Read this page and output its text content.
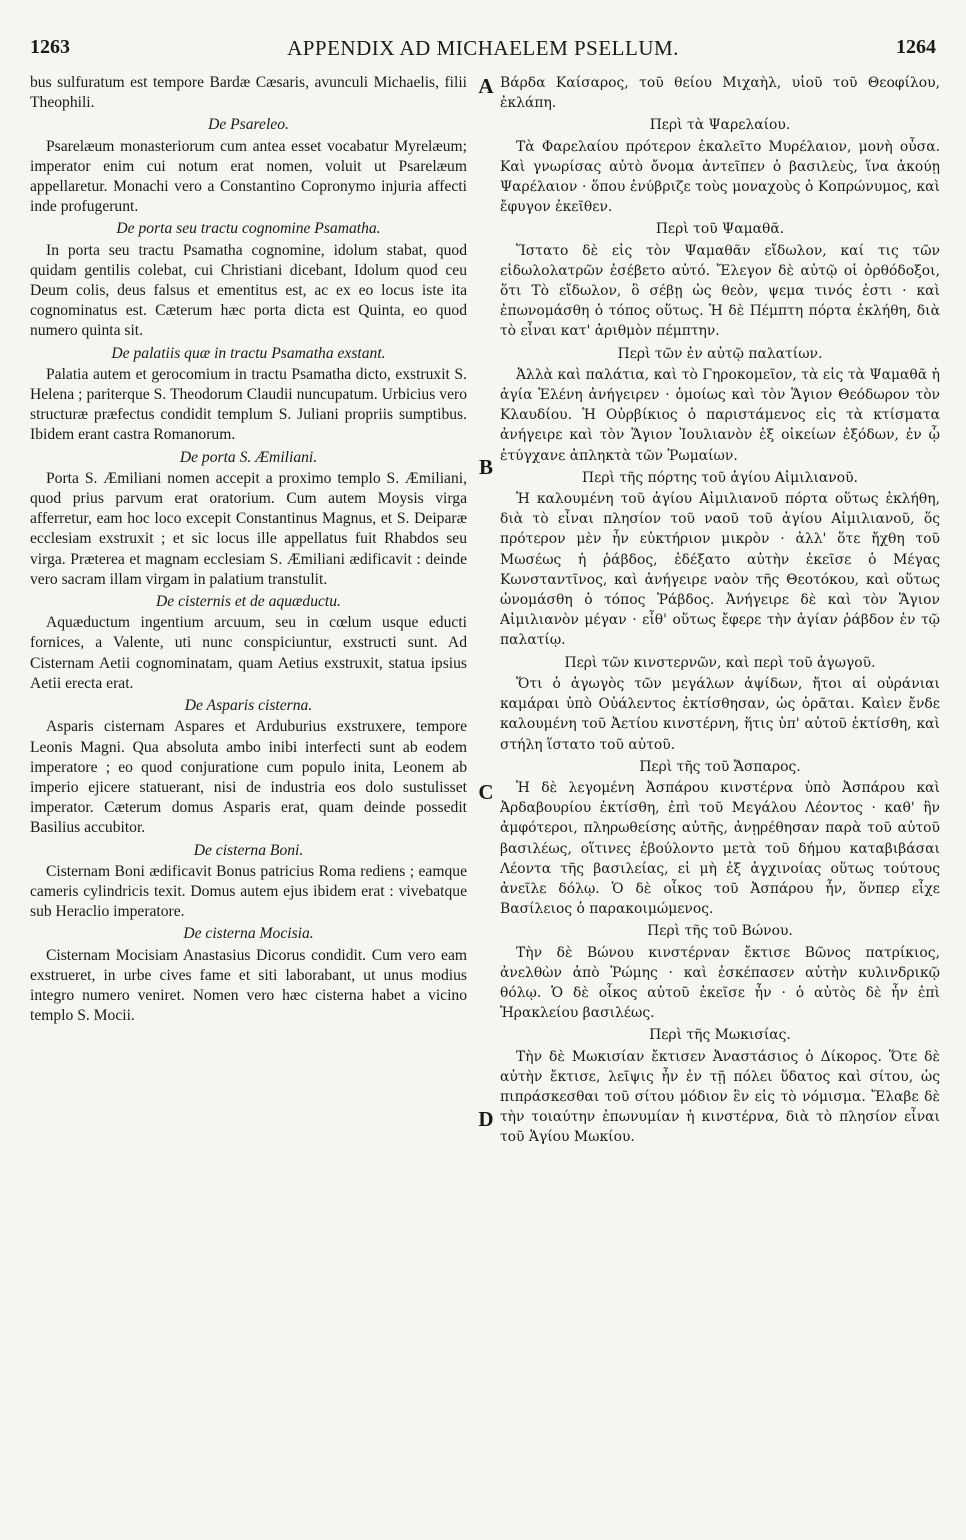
1263	APPENDIX AD MICHAELEM PSELLUM.	1264
A
B
C
D

bus sulfuratum est tempore Bardæ Cæsaris, avunculi Michaelis, filii Theophili.

De Psareleo.

Psarelæum monasteriorum cum antea esset vocabatur Myrelæum; imperator enim cui notum erat nomen, voluit ut Psarelæum appellaretur. Monachi vero a Constantino Copronymo injuria affecti inde profugerunt.

De porta seu tractu cognomine Psamatha.

In porta seu tractu Psamatha cognomine, idolum stabat, quod quidam gentilis colebat, cui Christiani dicebant, Idolum quod ceu Deum colis, deus falsus et ementitus est, ac ex eo locus iste ita cognominatus est. Cæterum hæc porta dicta est Quinta, eo quod numero quinta sit.

De palatiis quæ in tractu Psamatha exstant.

Palatia autem et gerocomium in tractu Psamatha dicto, exstruxit S. Helena ; pariterque S. Theodorum Claudii nuncupatum. Urbicius vero structuræ præfectus condidit templum S. Juliani propriis sumptibus. Ibidem erant castra Romanorum.

De porta S. Æmiliani.

Porta S. Æmiliani nomen accepit a proximo templo S. Æmiliani, quod prius parvum erat oratorium. Cum autem Moysis virga afferretur, eam hoc loco excepit Constantinus Magnus, et S. Deiparæ ecclesiam exstruxit ; et sic locus ille appellatus fuit Rhabdos seu virga. Præterea et magnam ecclesiam S. Æmiliani ædificavit : deinde vero sacram illam virgam in palatium transtulit.

De cisternis et de aquæductu.

Aquæductum ingentium arcuum, seu in cœlum usque educti fornices, a Valente, uti nunc conspiciuntur, exstructi sunt. Ad Cisternam Aetii cognominatam, quam Aetius exstruxit, statua ipsius Aetii erecta erat.

De Asparis cisterna.

Asparis cisternam Aspares et Arduburius exstruxere, tempore Leonis Magni. Qua absoluta ambo inibi interfecti sunt ab eodem imperatore ; eo quod conjuratione cum populo inita, Leonem ab imperio ejicere statuerant, nisi de industria eos dolo sustulisset imperator. Cæterum domus Asparis erat, quam deinde possedit Basilius accubitor.

De cisterna Boni.

Cisternam Boni ædificavit Bonus patricius Roma rediens ; eamque cameris cylindricis texit. Domus autem ejus ibidem erat : vivebatque sub Heraclio imperatore.

De cisterna Mocisia.

Cisternam Mocisiam Anastasius Dicorus condidit. Cum vero eam exstrueret, in urbe cives fame et siti laborabant, ut unus modius integro numero veniret. Nomen vero hæc cisterna habet a vicino templo S. Mocii.

Βάρδα Καίσαρος, τοῦ θείου Μιχαὴλ, υἱοῦ τοῦ Θεοφίλου, ἐκλάπη.

Περὶ τὰ Ψαρελαίου.

Τὰ Φαρελαίου πρότερον ἐκαλεῖτο Μυρέλαιον, μονὴ οὖσα. Καὶ γνωρίσας αὐτὸ ὄνομα ἀντεῖπεν ὁ βασιλεὺς, ἵνα ἀκούῃ Ψαρέλαιον · ὅπου ἐνύβριζε τοὺς μοναχοὺς ὁ Κοπρώνυμος, καὶ ἔφυγον ἐκεῖθεν.

Περὶ τοῦ Ψαμαθᾶ.

Ἵστατο δὲ εἰς τὸν Ψαμαθᾶν εἴδωλον, καί τις τῶν εἰδωλολατρῶν ἐσέβετο αὐτό. Ἔλεγον δὲ αὐτῷ οἱ ὀρθόδοξοι, ὅτι Τὸ εἴδωλον, ὃ σέβῃ ὡς θεὸν, ψεμα τινός ἐστι · καὶ ἐπωνομάσθη ὁ τόπος οὕτως. Ἡ δὲ Πέμπτη πόρτα ἐκλήθη, διὰ τὸ εἶναι κατ' ἀριθμὸν πέμπτην.

Περὶ τῶν ἐν αὐτῷ παλατίων.

Ἀλλὰ καὶ παλάτια, καὶ τὸ Γηροκομεῖον, τὰ εἰς τὰ Ψαμαθᾶ ἡ ἁγία Ἑλένη ἀνήγειρεν · ὁμοίως καὶ τὸν Ἅγιον Θεόδωρον τὸν Κλαυδίου. Ἡ Οὐρβίκιος ὁ παριστάμενος εἰς τὰ κτίσματα ἀνήγειρε καὶ τὸν Ἅγιον Ἰουλιανὸν ἐξ οἰκείων ἐξόδων, ἐν ᾧ ἐτύγχανε ἀπληκτὰ τῶν Ῥωμαίων.

Περὶ τῆς πόρτης τοῦ ἁγίου Αἰμιλιανοῦ.

Ἡ καλουμένη τοῦ ἁγίου Αἰμιλιανοῦ πόρτα οὕτως ἐκλήθη, διὰ τὸ εἶναι πλησίον τοῦ ναοῦ τοῦ ἁγίου Αἰμιλιανοῦ, ὅς πρότερον μὲν ἦν εὐκτήριον μικρὸν · ἀλλ' ὅτε ἤχθη τοῦ Μωσέως ἡ ῥάβδος, ἐδέξατο αὐτὴν ἐκεῖσε ὁ Μέγας Κωνσταντῖνος, καὶ ἀνήγειρε ναὸν τῆς Θεοτόκου, καὶ οὕτως ὠνομάσθη ὁ τόπος Ῥάβδος. Ἀνήγειρε δὲ καὶ τὸν Ἅγιον Αἰμιλιανὸν μέγαν · εἶθ' οὕτως ἔφερε τὴν ἁγίαν ῥάβδον ἐν τῷ παλατίῳ.

Περὶ τῶν κινστερνῶν, καὶ περὶ τοῦ ἀγωγοῦ.

Ὅτι ὁ ἀγωγὸς τῶν μεγάλων ἀψίδων, ἤτοι αἱ οὐράνιαι καμάραι ὑπὸ Οὐάλεντος ἐκτίσθησαν, ὡς ὁρᾶται. Καὶεν ἔνδε καλουμένη τοῦ Ἀετίου κινστέρνη, ἥτις ὑπ' αὐτοῦ ἐκτίσθη, καὶ στήλη ἵστατο τοῦ αὐτοῦ.

Περὶ τῆς τοῦ Ἄσπαρος.

Ἡ δὲ λεγομένη Ἀσπάρου κινστέρνα ὑπὸ Ἀσπάρου καὶ Ἀρδαβουρίου ἐκτίσθη, ἐπὶ τοῦ Μεγάλου Λέοντος · καθ' ἣν ἀμφότεροι, πληρωθείσης αὐτῆς, ἀνῃρέθησαν παρὰ τοῦ αὐτοῦ βασιλέως, οἵτινες ἐβούλοντο μετὰ τοῦ δήμου καταβιβάσαι Λέοντα τῆς βασιλείας, εἰ μὴ ἐξ ἀγχινοίας οὕτως τούτους ἀνεῖλε δόλῳ. Ὁ δὲ οἶκος τοῦ Ἀσπάρου ἦν, ὅνπερ εἶχε Βασίλειος ὁ παρακοιμώμενος.

Περὶ τῆς τοῦ Βώνου.

Τὴν δὲ Βώνου κινστέρναν ἔκτισε Βῶνος πατρίκιος, ἀνελθὼν ἀπὸ Ῥώμης · καὶ ἐσκέπασεν αὐτὴν κυλινδρικῷ θόλῳ. Ὁ δὲ οἶκος αὐτοῦ ἐκεῖσε ἦν · ὁ αὐτὸς δὲ ἦν ἐπὶ Ἡρακλείου βασιλέως.

Περὶ τῆς Μωκισίας.

Τὴν δὲ Μωκισίαν ἔκτισεν Ἀναστάσιος ὁ Δίκορος. Ὅτε δὲ αὐτὴν ἔκτισε, λεῖψις ἦν ἐν τῇ πόλει ὕδατος καὶ σίτου, ὡς πιπράσκεσθαι τοῦ σίτου μόδιον ἓν εἰς τὸ νόμισμα. Ἔλαβε δὲ τὴν τοιαύτην ἐπωνυμίαν ἡ κινστέρνα, διὰ τὸ πλησίον εἶναι τοῦ Ἁγίου Μωκίου.
